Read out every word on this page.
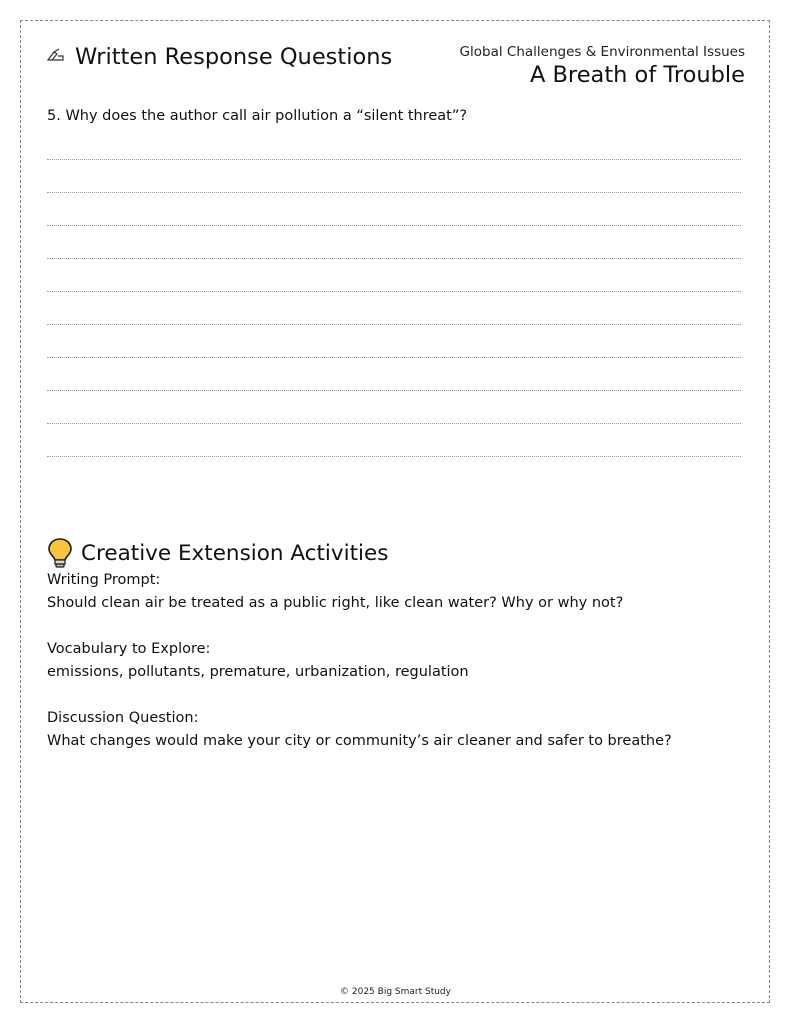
Written Response Questions	Global Challenges & Environmental Issues
A Breath of Trouble
5. Why does the author call air pollution a “silent threat”?
Creative Extension Activities
Writing Prompt:
Should clean air be treated as a public right, like clean water? Why or why not?
Vocabulary to Explore:
emissions, pollutants, premature, urbanization, regulation
Discussion Question:
What changes would make your city or community’s air cleaner and safer to breathe?
© 2025 Big Smart Study
